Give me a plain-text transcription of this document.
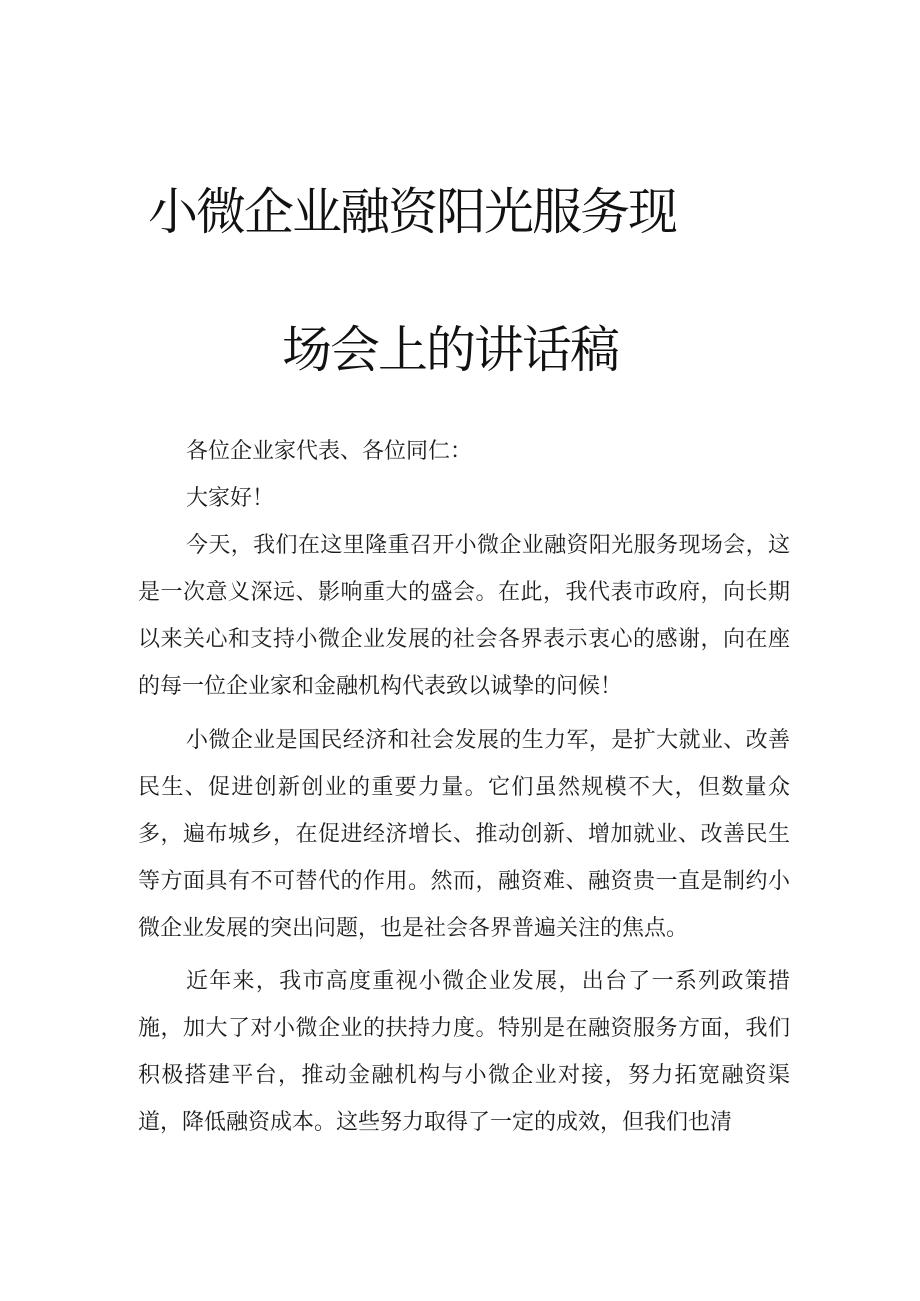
小微企业融资阳光服务现
场会上的讲话稿
各位企业家代表、各位同仁：
大家好！

今天，我们在这里隆重召开小微企业融资阳光服务现场会，这是一次意义深远、影响重大的盛会。在此，我代表市政府，向长期以来关心和支持小微企业发展的社会各界表示衷心的感谢，向在座的每一位企业家和金融机构代表致以诚挚的问候！

小微企业是国民经济和社会发展的生力军，是扩大就业、改善民生、促进创新创业的重要力量。它们虽然规模不大，但数量众多，遍布城乡，在促进经济增长、推动创新、增加就业、改善民生等方面具有不可替代的作用。然而，融资难、融资贵一直是制约小微企业发展的突出问题，也是社会各界普遍关注的焦点。

近年来，我市高度重视小微企业发展，出台了一系列政策措施，加大了对小微企业的扶持力度。特别是在融资服务方面，我们积极搭建平台，推动金融机构与小微企业对接，努力拓宽融资渠道，降低融资成本。这些努力取得了一定的成效，但我们也清
